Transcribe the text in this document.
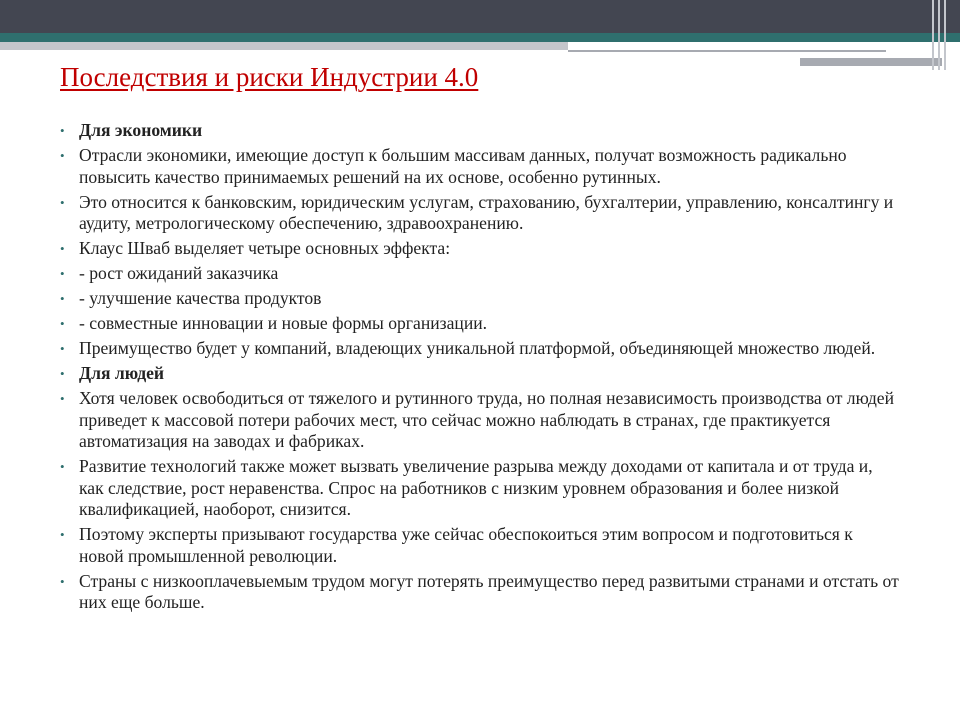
Последствия и риски Индустрии 4.0
• Для экономики
• Отрасли экономики, имеющие доступ к большим массивам данных, получат возможность радикально повысить качество принимаемых решений на их основе, особенно рутинных.
• Это относится к банковским, юридическим услугам, страхованию, бухгалтерии, управлению, консалтингу и аудиту, метрологическому обеспечению, здравоохранению.
• Клаус Шваб выделяет четыре основных эффекта:
• - рост ожиданий заказчика
• - улучшение качества продуктов
• - совместные инновации и новые формы организации.
• Преимущество будет у компаний, владеющих уникальной платформой, объединяющей множество людей.
• Для людей
• Хотя человек освободиться от тяжелого и рутинного труда, но полная независимость производства от людей приведет к массовой потери рабочих мест, что сейчас можно наблюдать в странах, где практикуется автоматизация на заводах и фабриках.
• Развитие технологий также может вызвать увеличение разрыва между доходами от капитала и от труда и, как следствие, рост неравенства. Спрос на работников с низким уровнем образования и более низкой квалификацией, наоборот, снизится.
• Поэтому эксперты призывают государства уже сейчас обеспокоиться этим вопросом и подготовиться к новой промышленной революции.
• Страны с низкооплачевыемым трудом могут потерять преимущество перед развитыми странами и отстать от них еще больше.
